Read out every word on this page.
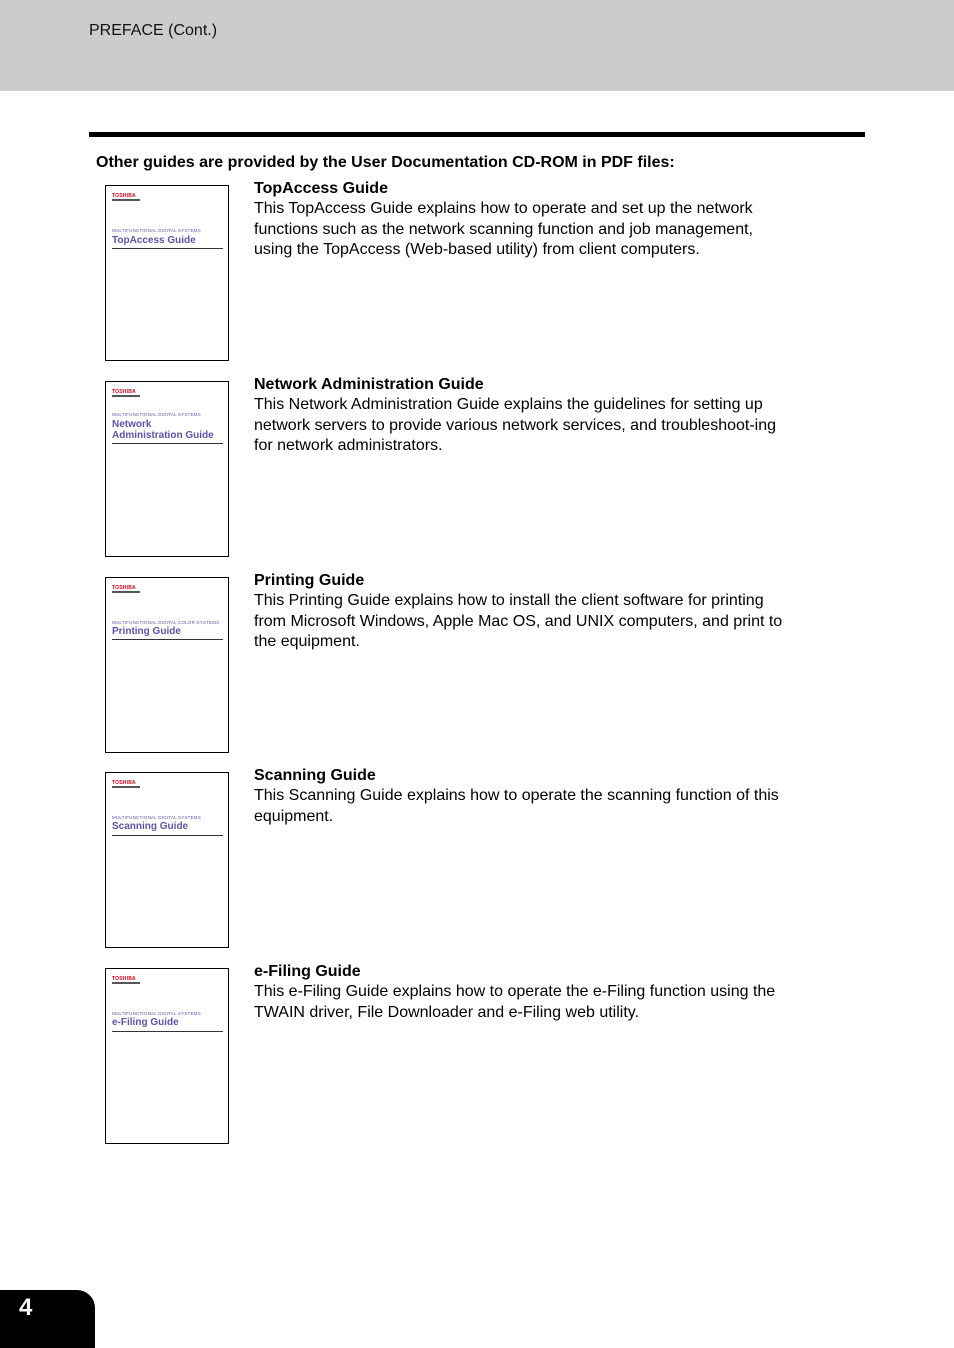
PREFACE (Cont.)
Other guides are provided by the User Documentation CD-ROM in PDF files:
TOSHIBA
MULTIFUNCTIONAL DIGITAL SYSTEMS
TopAccess Guide
TopAccess Guide
This TopAccess Guide explains how to operate and set up the network functions such as the network scanning function and job management, using the TopAccess (Web-based utility) from client computers.
TOSHIBA
MULTIFUNCTIONAL DIGITAL SYSTEMS
Network Administration Guide
Network Administration Guide
This Network Administration Guide explains the guidelines for setting up network servers to provide various network services, and troubleshoot-ing for network administrators.
TOSHIBA
MULTIFUNCTIONAL DIGITAL COLOR SYSTEMS
Printing Guide
Printing Guide
This Printing Guide explains how to install the client software for printing from Microsoft Windows, Apple Mac OS, and UNIX computers, and print to the equipment.
TOSHIBA
MULTIFUNCTIONAL DIGITAL SYSTEMS
Scanning Guide
Scanning Guide
This Scanning Guide explains how to operate the scanning function of this equipment.
TOSHIBA
MULTIFUNCTIONAL DIGITAL SYSTEMS
e-Filing Guide
e-Filing Guide
This e-Filing Guide explains how to operate the e-Filing function using the TWAIN driver, File Downloader and e-Filing web utility.
4
